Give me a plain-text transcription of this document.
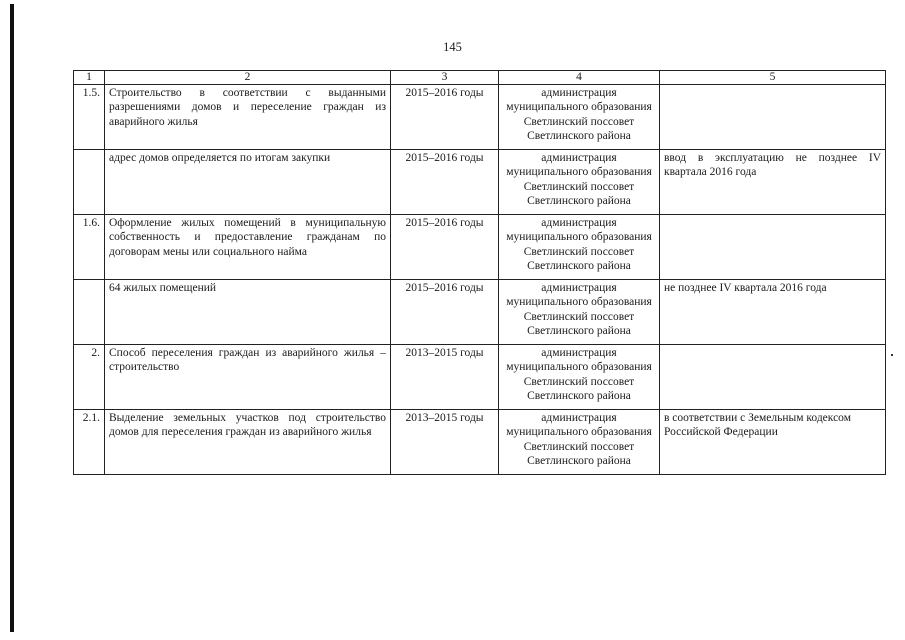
145
1	2	3	4	5
1.5.	Строительство в соответствии с выданными разрешениями домов и переселение граждан из аварийного жилья	2015–2016 годы	администрация муниципального образования Светлинский поссовет Светлинского района	
	адрес домов определяется по итогам закупки	2015–2016 годы	администрация муниципального образования Светлинский поссовет Светлинского района	ввод в эксплуатацию не позднее IV квартала 2016 года
1.6.	Оформление жилых помещений в муниципальную собственность и предоставление гражданам по договорам мены или социального найма	2015–2016 годы	администрация муниципального образования Светлинский поссовет Светлинского района	
	64 жилых помещений	2015–2016 годы	администрация муниципального образования Светлинский поссовет Светлинского района	не позднее IV квартала 2016 года
2.	Способ переселения граждан из аварийного жилья – строительство	2013–2015 годы	администрация муниципального образования Светлинский поссовет Светлинского района	
2.1.	Выделение земельных участков под строительство домов для переселения граждан из аварийного жилья	2013–2015 годы	администрация муниципального образования Светлинский поссовет Светлинского района	в соответствии с Земельным кодексом Российской Федерации
